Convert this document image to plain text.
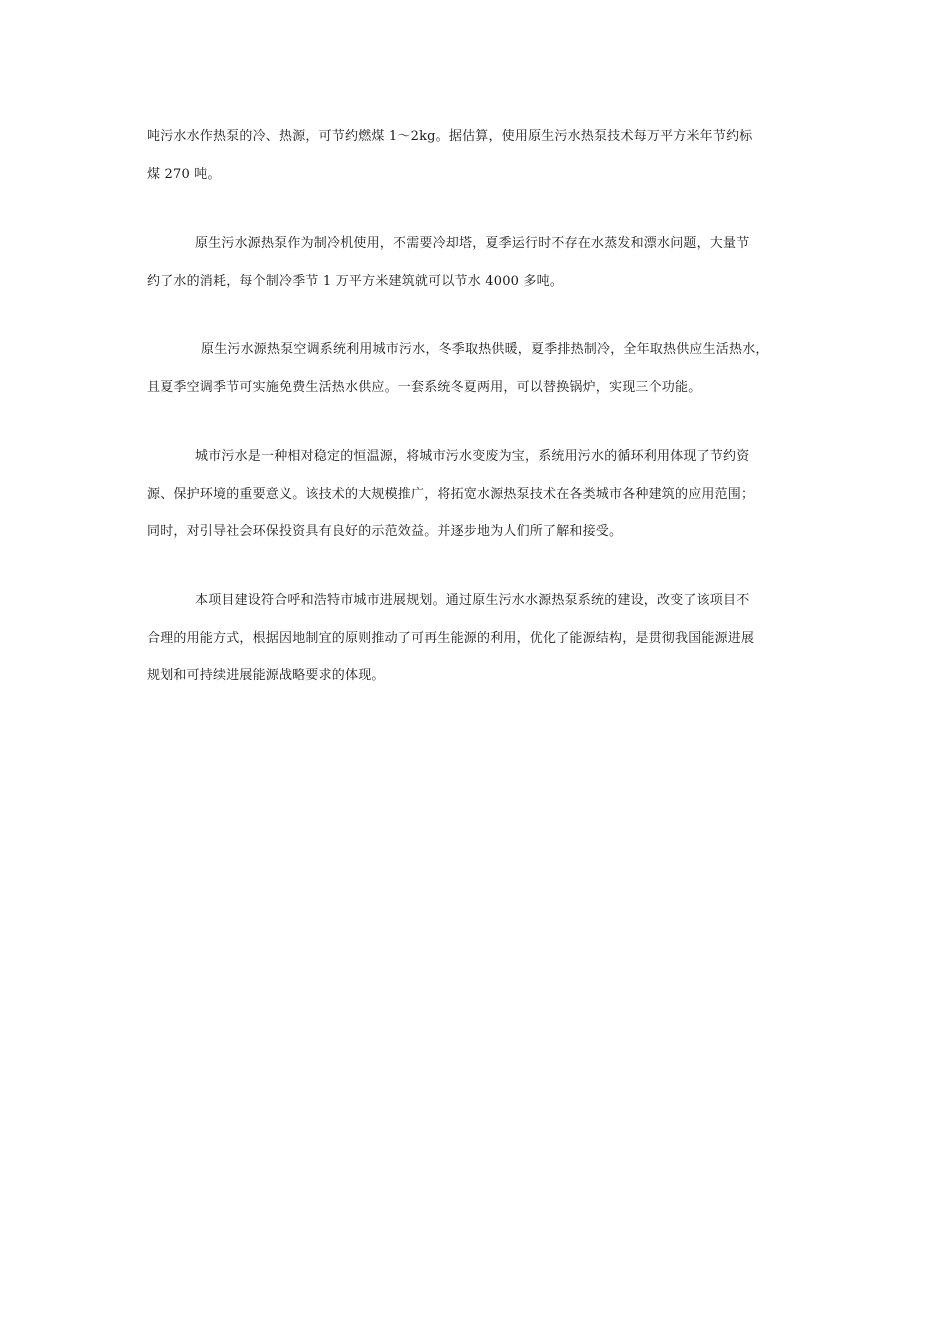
吨污水水作热泵的冷、热源，可节约燃煤 1～2kg。据估算，使用原生污水热泵技术每万平方米年节约标
煤 270 吨。
原生污水源热泵作为制冷机使用，不需要冷却塔，夏季运行时不存在水蒸发和漂水问题，大量节
约了水的消耗，每个制冷季节 1 万平方米建筑就可以节水 4000 多吨。
原生污水源热泵空调系统利用城市污水，冬季取热供暖，夏季排热制冷，全年取热供应生活热水，
且夏季空调季节可实施免费生活热水供应。一套系统冬夏两用，可以替换锅炉，实现三个功能。
城市污水是一种相对稳定的恒温源，将城市污水变废为宝，系统用污水的循环利用体现了节约资
源、保护环境的重要意义。该技术的大规模推广，将拓宽水源热泵技术在各类城市各种建筑的应用范围；
同时，对引导社会环保投资具有良好的示范效益。并逐步地为人们所了解和接受。
本项目建设符合呼和浩特市城市进展规划。通过原生污水水源热泵系统的建设，改变了该项目不
合理的用能方式，根据因地制宜的原则推动了可再生能源的利用，优化了能源结构，是贯彻我国能源进展
规划和可持续进展能源战略要求的体现。
